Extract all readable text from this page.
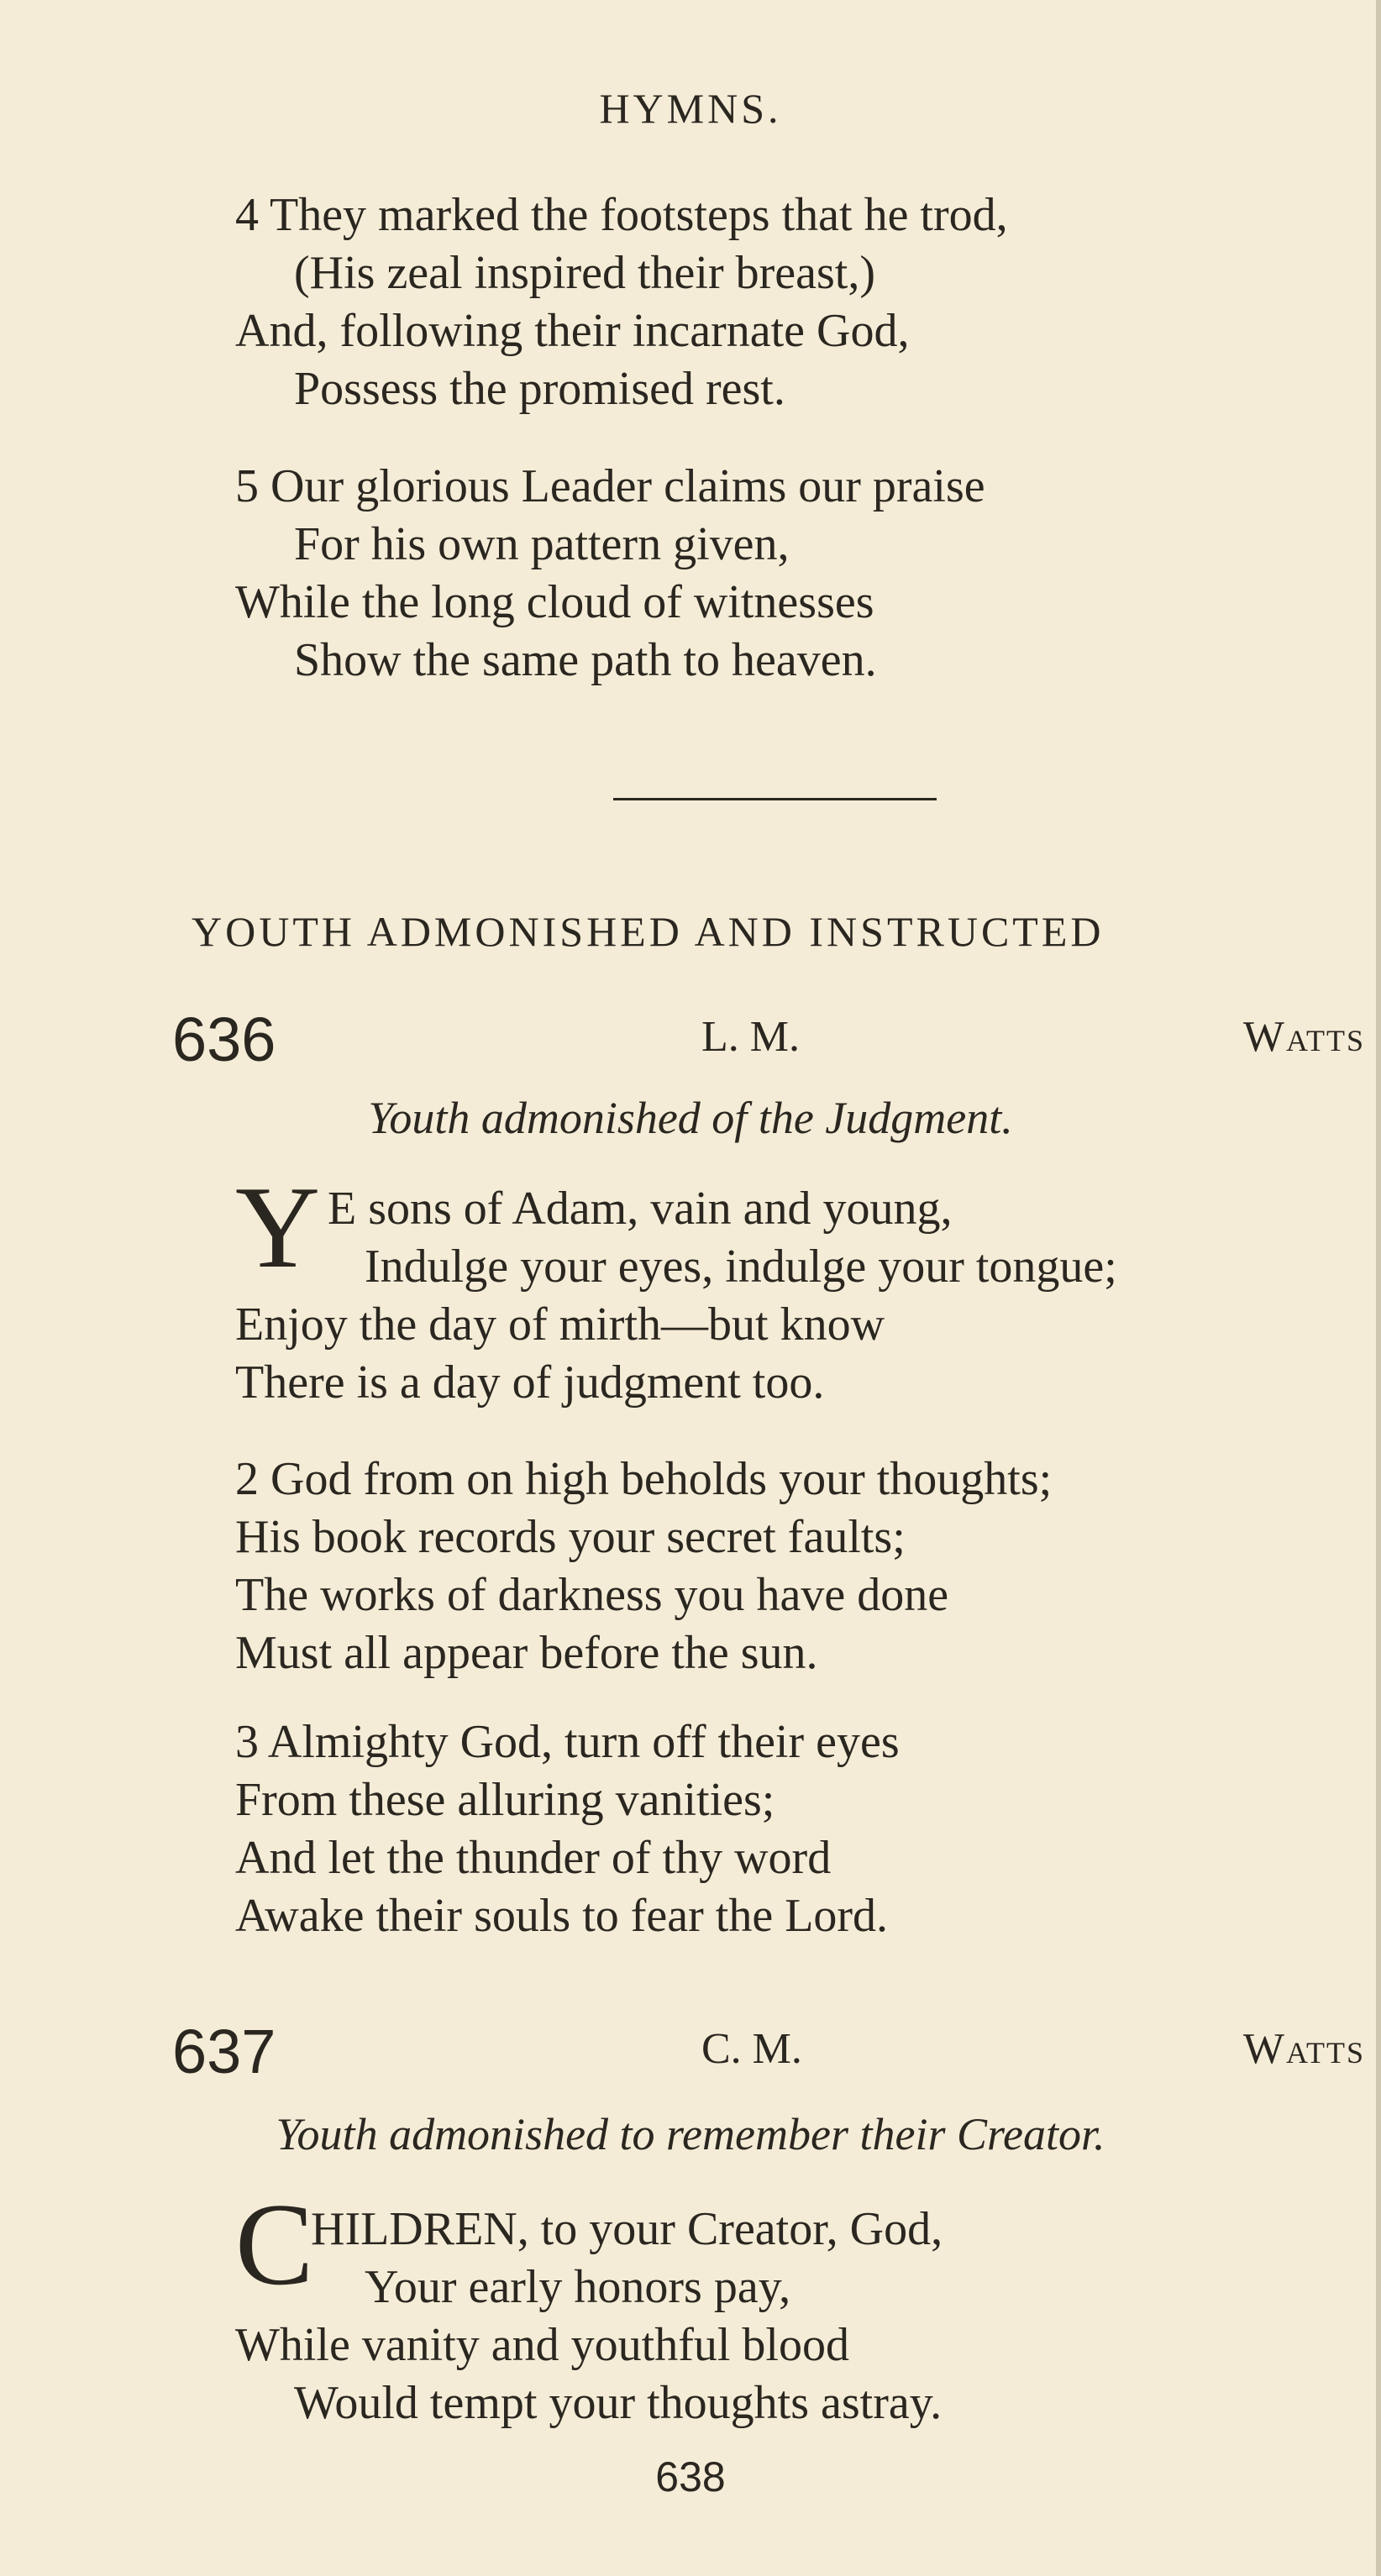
HYMNS.
4 They marked the footsteps that he trod,
(His zeal inspired their breast,)
And, following their incarnate God,
Possess the promised rest.
5 Our glorious Leader claims our praise
For his own pattern given,
While the long cloud of witnesses
Show the same path to heaven.
YOUTH ADMONISHED AND INSTRUCTED
636	L. M.	Watts
Youth admonished of the Judgment.
Y E sons of Adam, vain and young,
Indulge your eyes, indulge your tongue;
Enjoy the day of mirth—but know
There is a day of judgment too.
2 God from on high beholds your thoughts;
His book records your secret faults;
The works of darkness you have done
Must all appear before the sun.
3 Almighty God, turn off their eyes
From these alluring vanities;
And let the thunder of thy word
Awake their souls to fear the Lord.
637	C. M.	Watts
Youth admonished to remember their Creator.
C
HILDREN, to your Creator, God,
Your early honors pay,
While vanity and youthful blood
Would tempt your thoughts astray.
638
